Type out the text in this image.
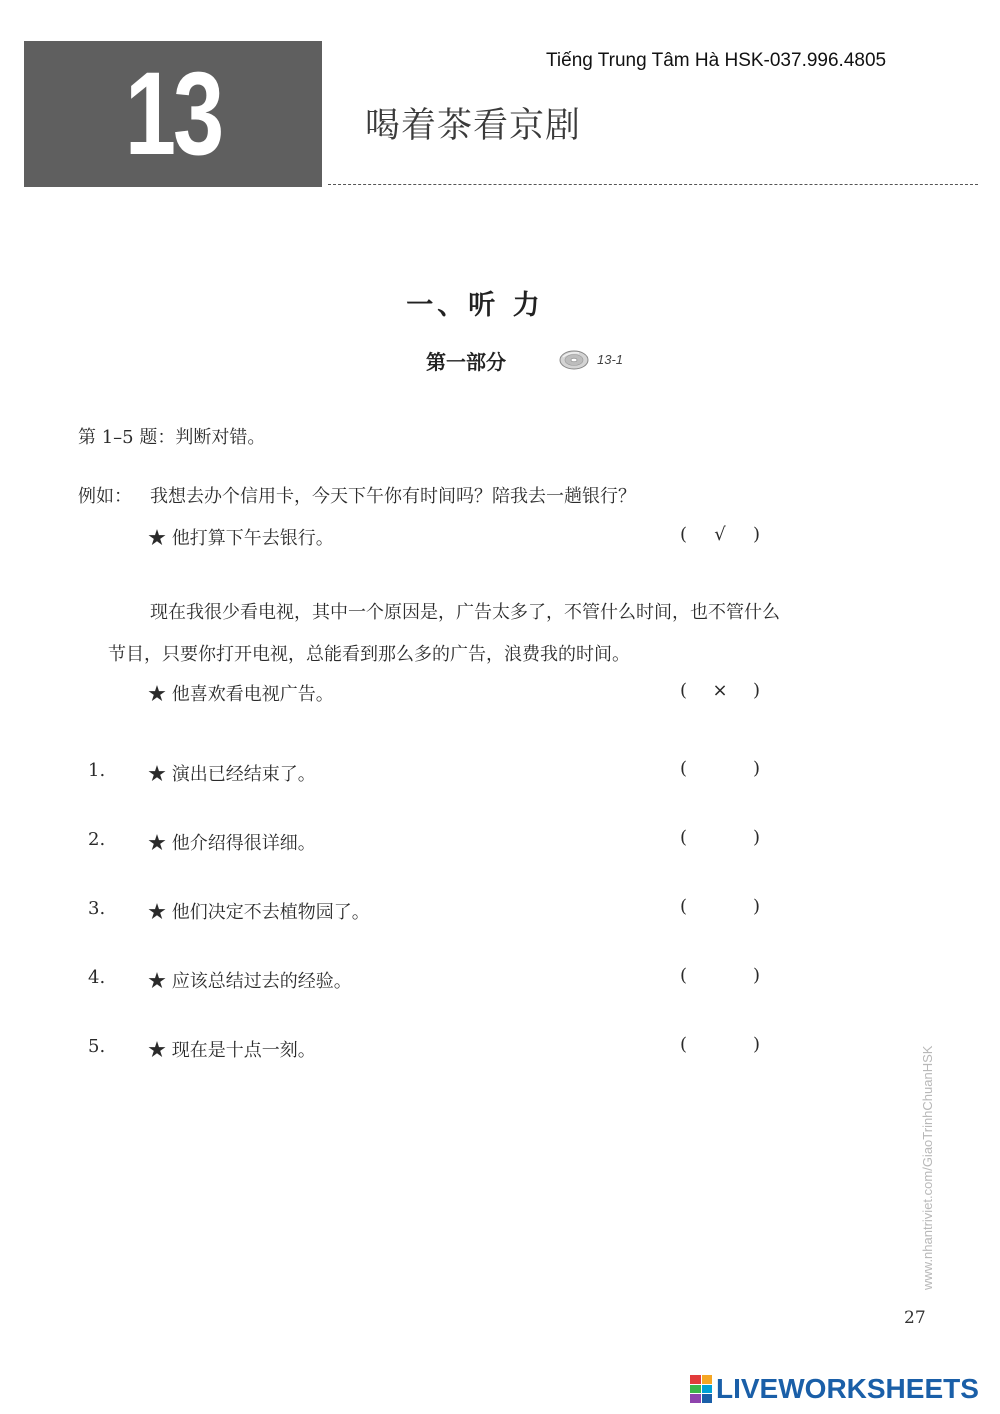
13	Tiếng Trung Tâm Hà HSK-037.996.4805
喝着茶看京剧
一、听 力
第一部分	13-1
第 1–5 题：判断对错。
例如： 我想去办个信用卡，今天下午你有时间吗？陪我去一趟银行？
★ 他打算下午去银行。	( √ )
现在我很少看电视，其中一个原因是，广告太多了，不管什么时间，也不管什么
节目，只要你打开电视，总能看到那么多的广告，浪费我的时间。
★ 他喜欢看电视广告。	( × )
1. ★ 演出已经结束了。	(	)
2. ★ 他介绍得很详细。	(	)
3. ★ 他们决定不去植物园了。	(	)
4. ★ 应该总结过去的经验。	(	)
5. ★ 现在是十点一刻。	(	)
www.nhantriviet.com/GiaoTrinhChuanHSK
27
LIVEWORKSHEETS
